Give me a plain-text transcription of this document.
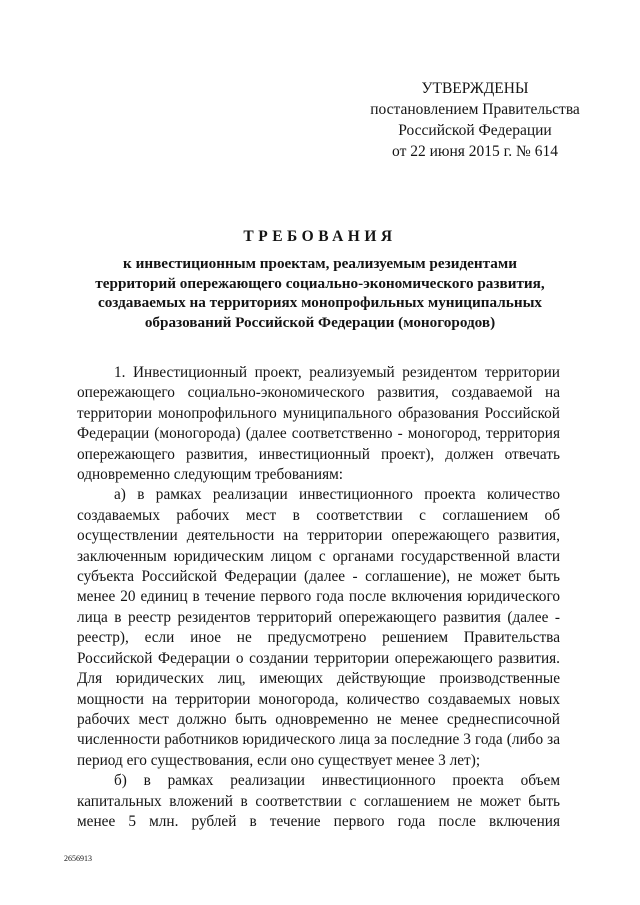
УТВЕРЖДЕНЫ
постановлением Правительства
Российской Федерации
от 22 июня 2015 г. № 614
ТРЕБОВАНИЯ
к инвестиционным проектам, реализуемым резидентами
территорий опережающего социально-экономического развития,
создаваемых на территориях монопрофильных муниципальных
образований Российской Федерации (моногородов)

1. Инвестиционный проект, реализуемый резидентом территории опережающего социально-экономического развития, создаваемой на территории монопрофильного муниципального образования Российской Федерации (моногорода) (далее соответственно - моногород, территория опережающего развития, инвестиционный проект), должен отвечать одновременно следующим требованиям:

а) в рамках реализации инвестиционного проекта количество создаваемых рабочих мест в соответствии с соглашением об осуществлении деятельности на территории опережающего развития, заключенным юридическим лицом с органами государственной власти субъекта Российской Федерации (далее - соглашение), не может быть менее 20 единиц в течение первого года после включения юридического лица в реестр резидентов территорий опережающего развития (далее - реестр), если иное не предусмотрено решением Правительства Российской Федерации о создании территории опережающего развития. Для юридических лиц, имеющих действующие производственные мощности на территории моногорода, количество создаваемых новых рабочих мест должно быть одновременно не менее среднесписочной численности работников юридического лица за последние 3 года (либо за период его существования, если оно существует менее 3 лет);

б) в рамках реализации инвестиционного проекта объем капитальных вложений в соответствии с соглашением не может быть менее 5 млн. рублей в течение первого года после включения

2656913
